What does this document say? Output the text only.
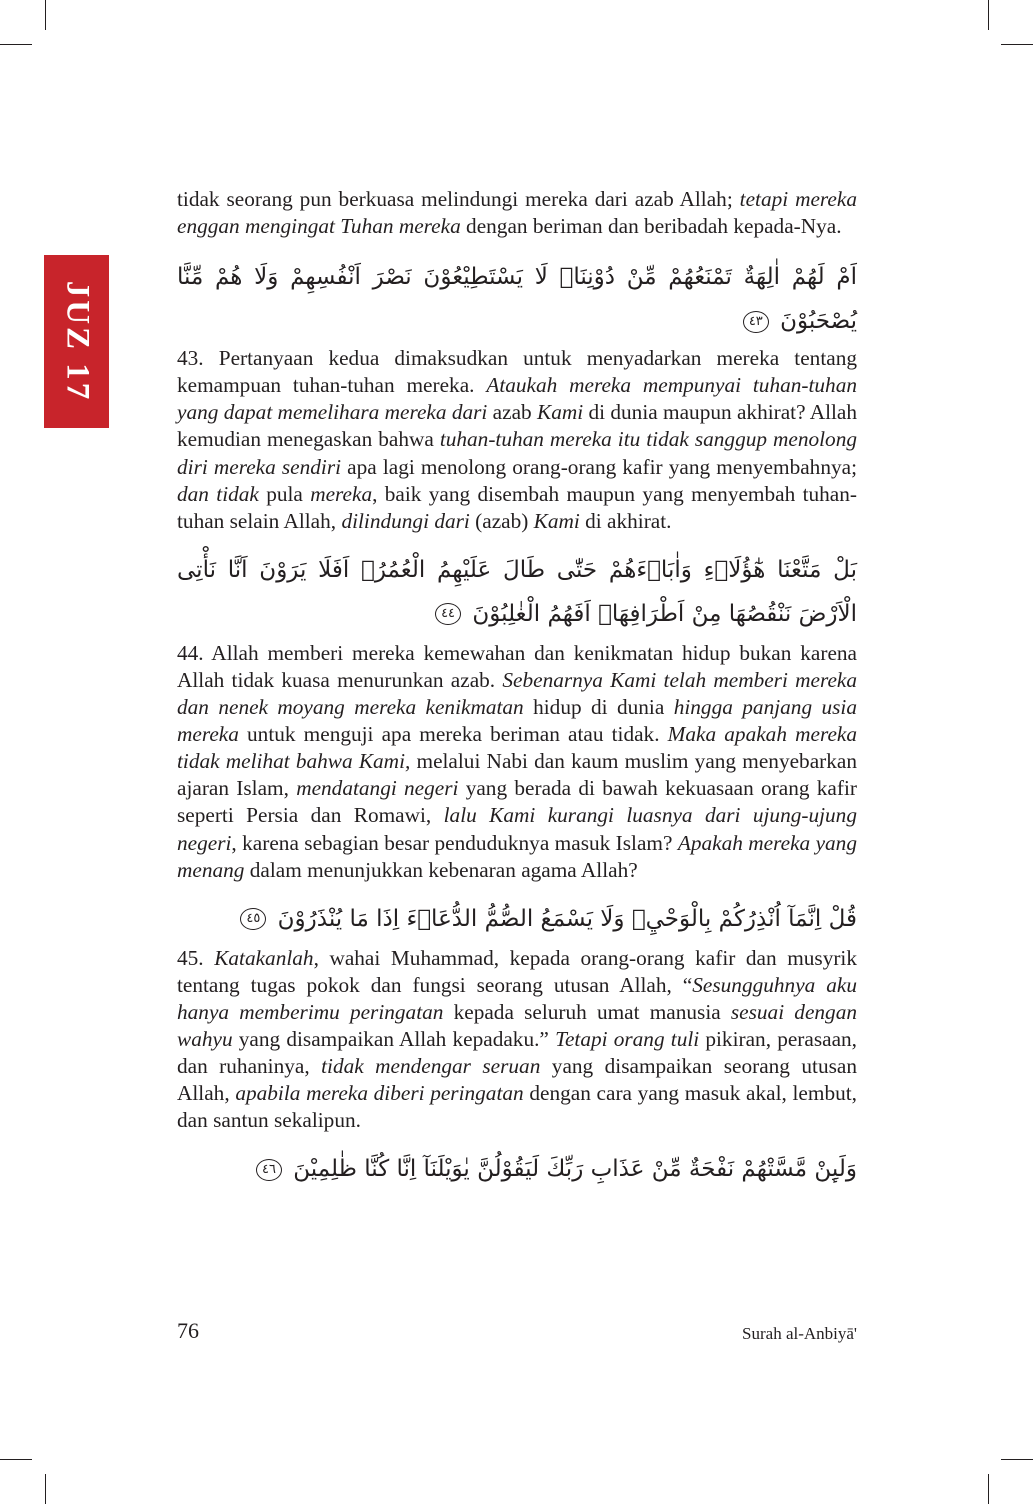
JUZ 17

tidak seorang pun berkuasa melindungi mereka dari azab Allah; tetapi mereka enggan mengingat Tuhan mereka dengan beriman dan beribadah kepada-Nya.

اَمْ لَهُمْ اٰلِهَةٌ تَمْنَعُهُمْ مِّنْ دُوْنِنَاۗ لَا يَسْتَطِيْعُوْنَ نَصْرَ اَنْفُسِهِمْ وَلَا هُمْ مِّنَّا يُصْحَبُوْنَ ٤٣

43. Pertanyaan kedua dimaksudkan untuk menyadarkan mereka tentang kemampuan tuhan-tuhan mereka. Ataukah mereka mempunyai tuhan-tuhan yang dapat memelihara mereka dari azab Kami di dunia maupun akhirat? Allah kemudian menegaskan bahwa tuhan-tuhan mereka itu tidak sanggup menolong diri mereka sendiri apa lagi menolong orang-orang kafir yang menyembahnya; dan tidak pula mereka, baik yang disembah maupun yang menyembah tuhan-tuhan selain Allah, dilindungi dari (azab) Kami di akhirat.

بَلْ مَتَّعْنَا هٰٓؤُلَاۤءِ وَاٰبَاۤءَهُمْ حَتّٰى طَالَ عَلَيْهِمُ الْعُمُرُۗ اَفَلَا يَرَوْنَ اَنَّا نَأْتِى الْاَرْضَ نَنْقُصُهَا مِنْ اَطْرَافِهَاۗ اَفَهُمُ الْغٰلِبُوْنَ ٤٤

44. Allah memberi mereka kemewahan dan kenikmatan hidup bukan karena Allah tidak kuasa menurunkan azab. Sebenarnya Kami telah memberi mereka dan nenek moyang mereka kenikmatan hidup di dunia hingga panjang usia mereka untuk menguji apa mereka beriman atau tidak. Maka apakah mereka tidak melihat bahwa Kami, melalui Nabi dan kaum muslim yang menyebarkan ajaran Islam, mendatangi negeri yang berada di bawah kekuasaan orang kafir seperti Persia dan Romawi, lalu Kami kurangi luasnya dari ujung-ujung negeri, karena sebagian besar penduduknya masuk Islam? Apakah mereka yang menang dalam menunjukkan kebenaran agama Allah?

قُلْ اِنَّمَآ اُنْذِرُكُمْ بِالْوَحْيِۖ وَلَا يَسْمَعُ الصُّمُّ الدُّعَاۤءَ اِذَا مَا يُنْذَرُوْنَ ٤٥

45. Katakanlah, wahai Muhammad, kepada orang-orang kafir dan musyrik tentang tugas pokok dan fungsi seorang utusan Allah, “Sesungguhnya aku hanya memberimu peringatan kepada seluruh umat manusia sesuai dengan wahyu yang disampaikan Allah kepadaku.” Tetapi orang tuli pikiran, perasaan, dan ruhaninya, tidak mendengar seruan yang disampaikan seorang utusan Allah, apabila mereka diberi peringatan dengan cara yang masuk akal, lembut, dan santun sekalipun.

وَلَىِٕنْ مَّسَّتْهُمْ نَفْحَةٌ مِّنْ عَذَابِ رَبِّكَ لَيَقُوْلُنَّ يٰوَيْلَنَآ اِنَّا كُنَّا ظٰلِمِيْنَ ٤٦

76	Surah al-Anbiyā'
